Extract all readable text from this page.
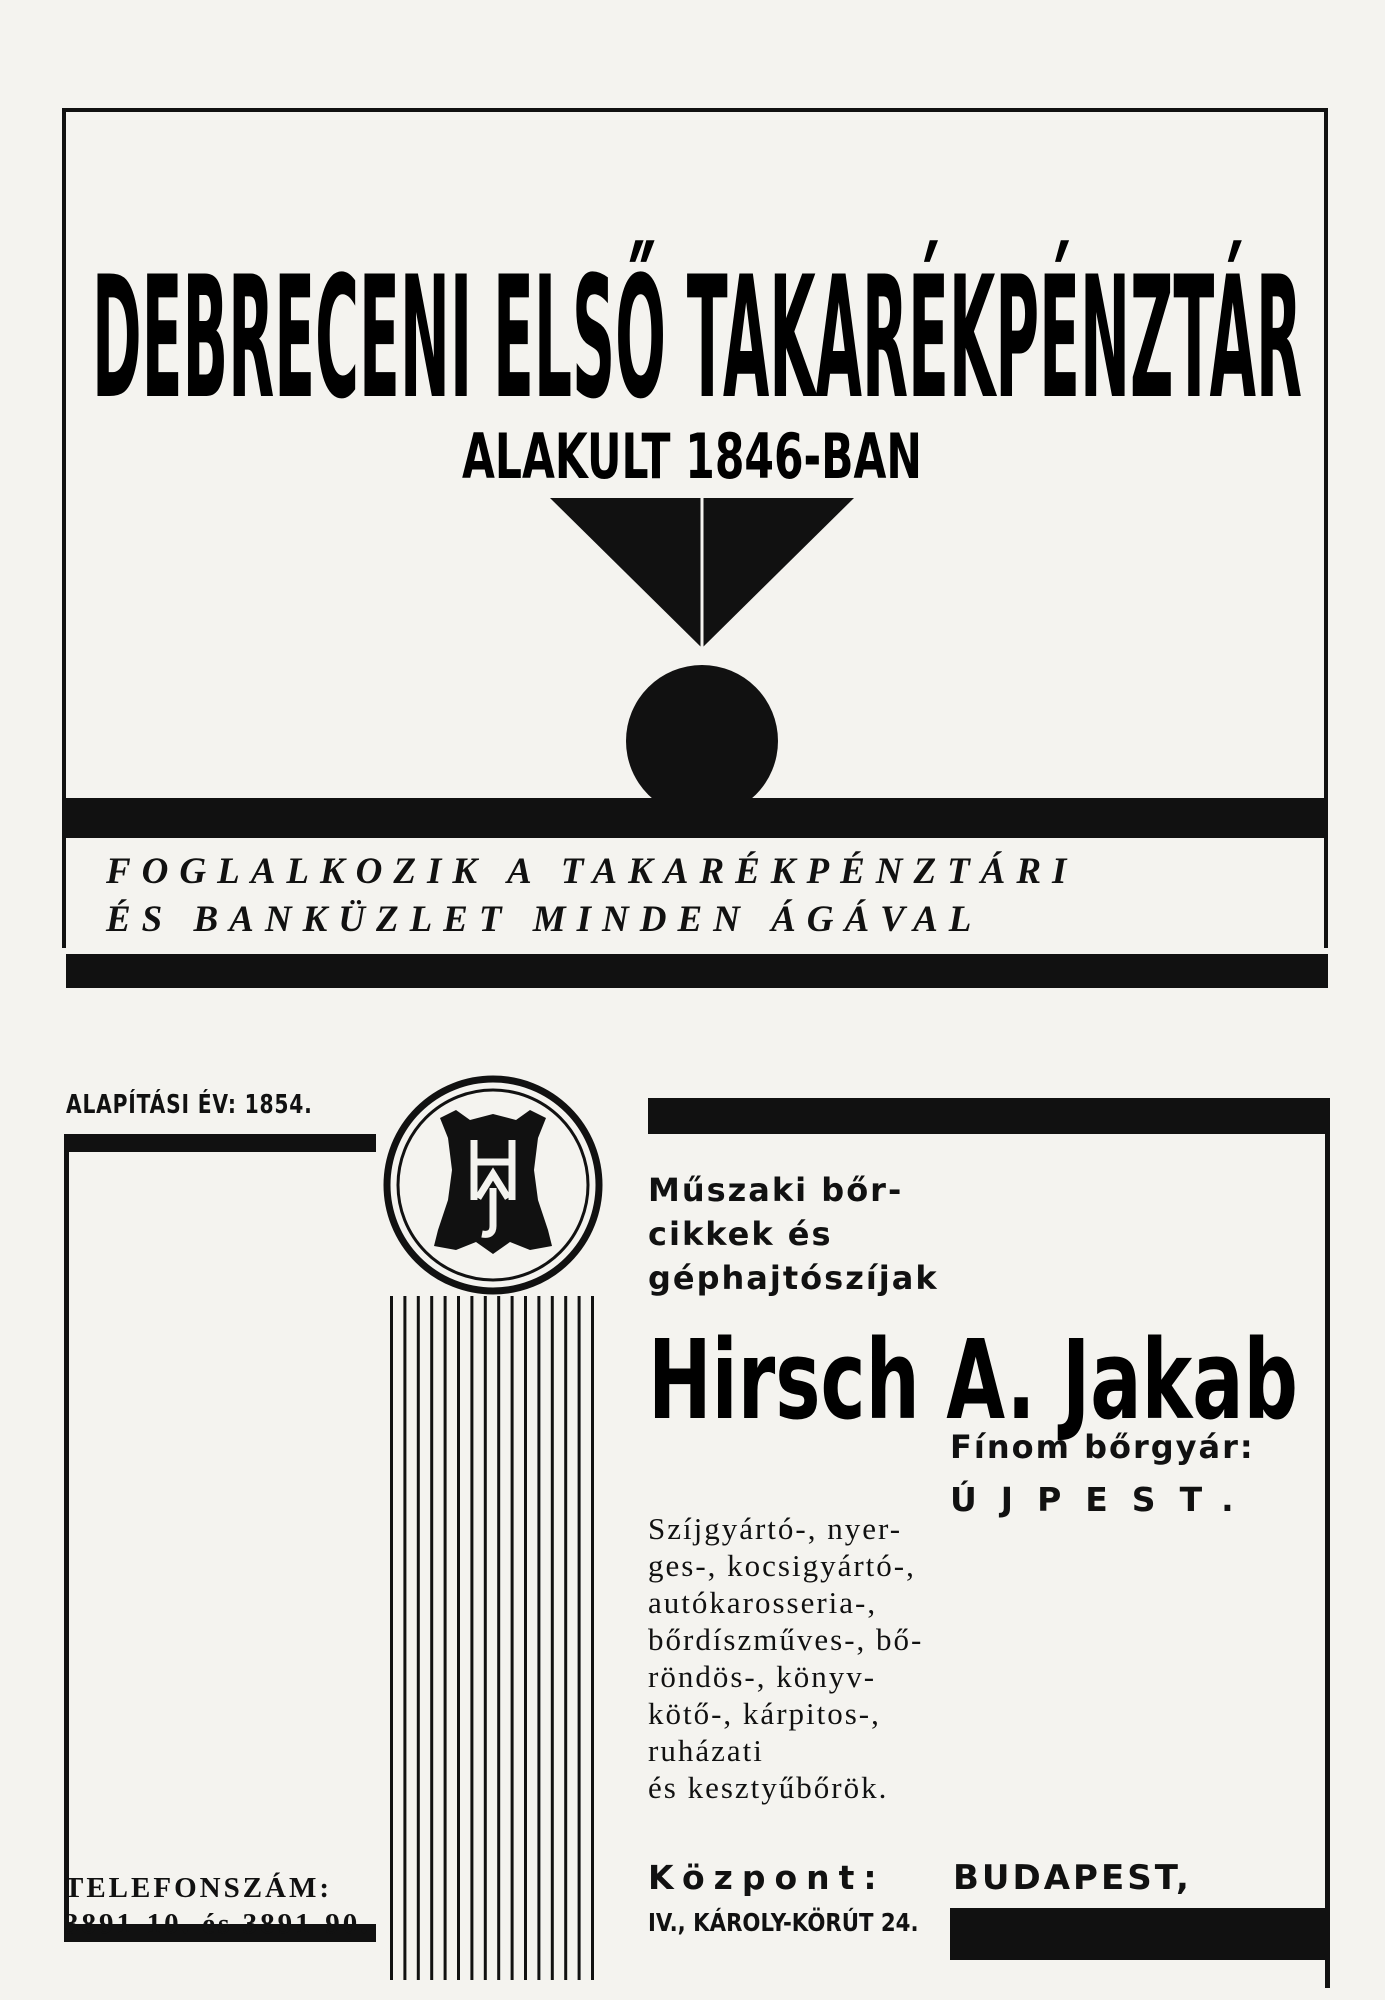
DEBRECENI ELSŐ TAKARÉKPÉNZTÁR
ALAKULT 1846-BAN
FOGLALKOZIK A TAKARÉKPÉNZTÁRI
ÉS BANKÜZLET MINDEN ÁGÁVAL
ALAPÍTÁSI ÉV: 1854.
TELEFONSZÁM:
3891-10. és 3891-90.
HAJ
Műszaki bőr-
cikkek és
géphajtószíjak
Hirsch A. Jakab
Fínom bőrgyár:
ÚJPEST.
Szíjgyártó-, nyer-
ges-, kocsigyártó-,
autókarosseria-,
bőrdíszműves-, bő-
röndös-, könyv-
kötő-, kárpitos-,
ruházati
és kesztyűbőrök.
Központ: BUDAPEST,
IV., KÁROLY-KÖRÚT 24.
